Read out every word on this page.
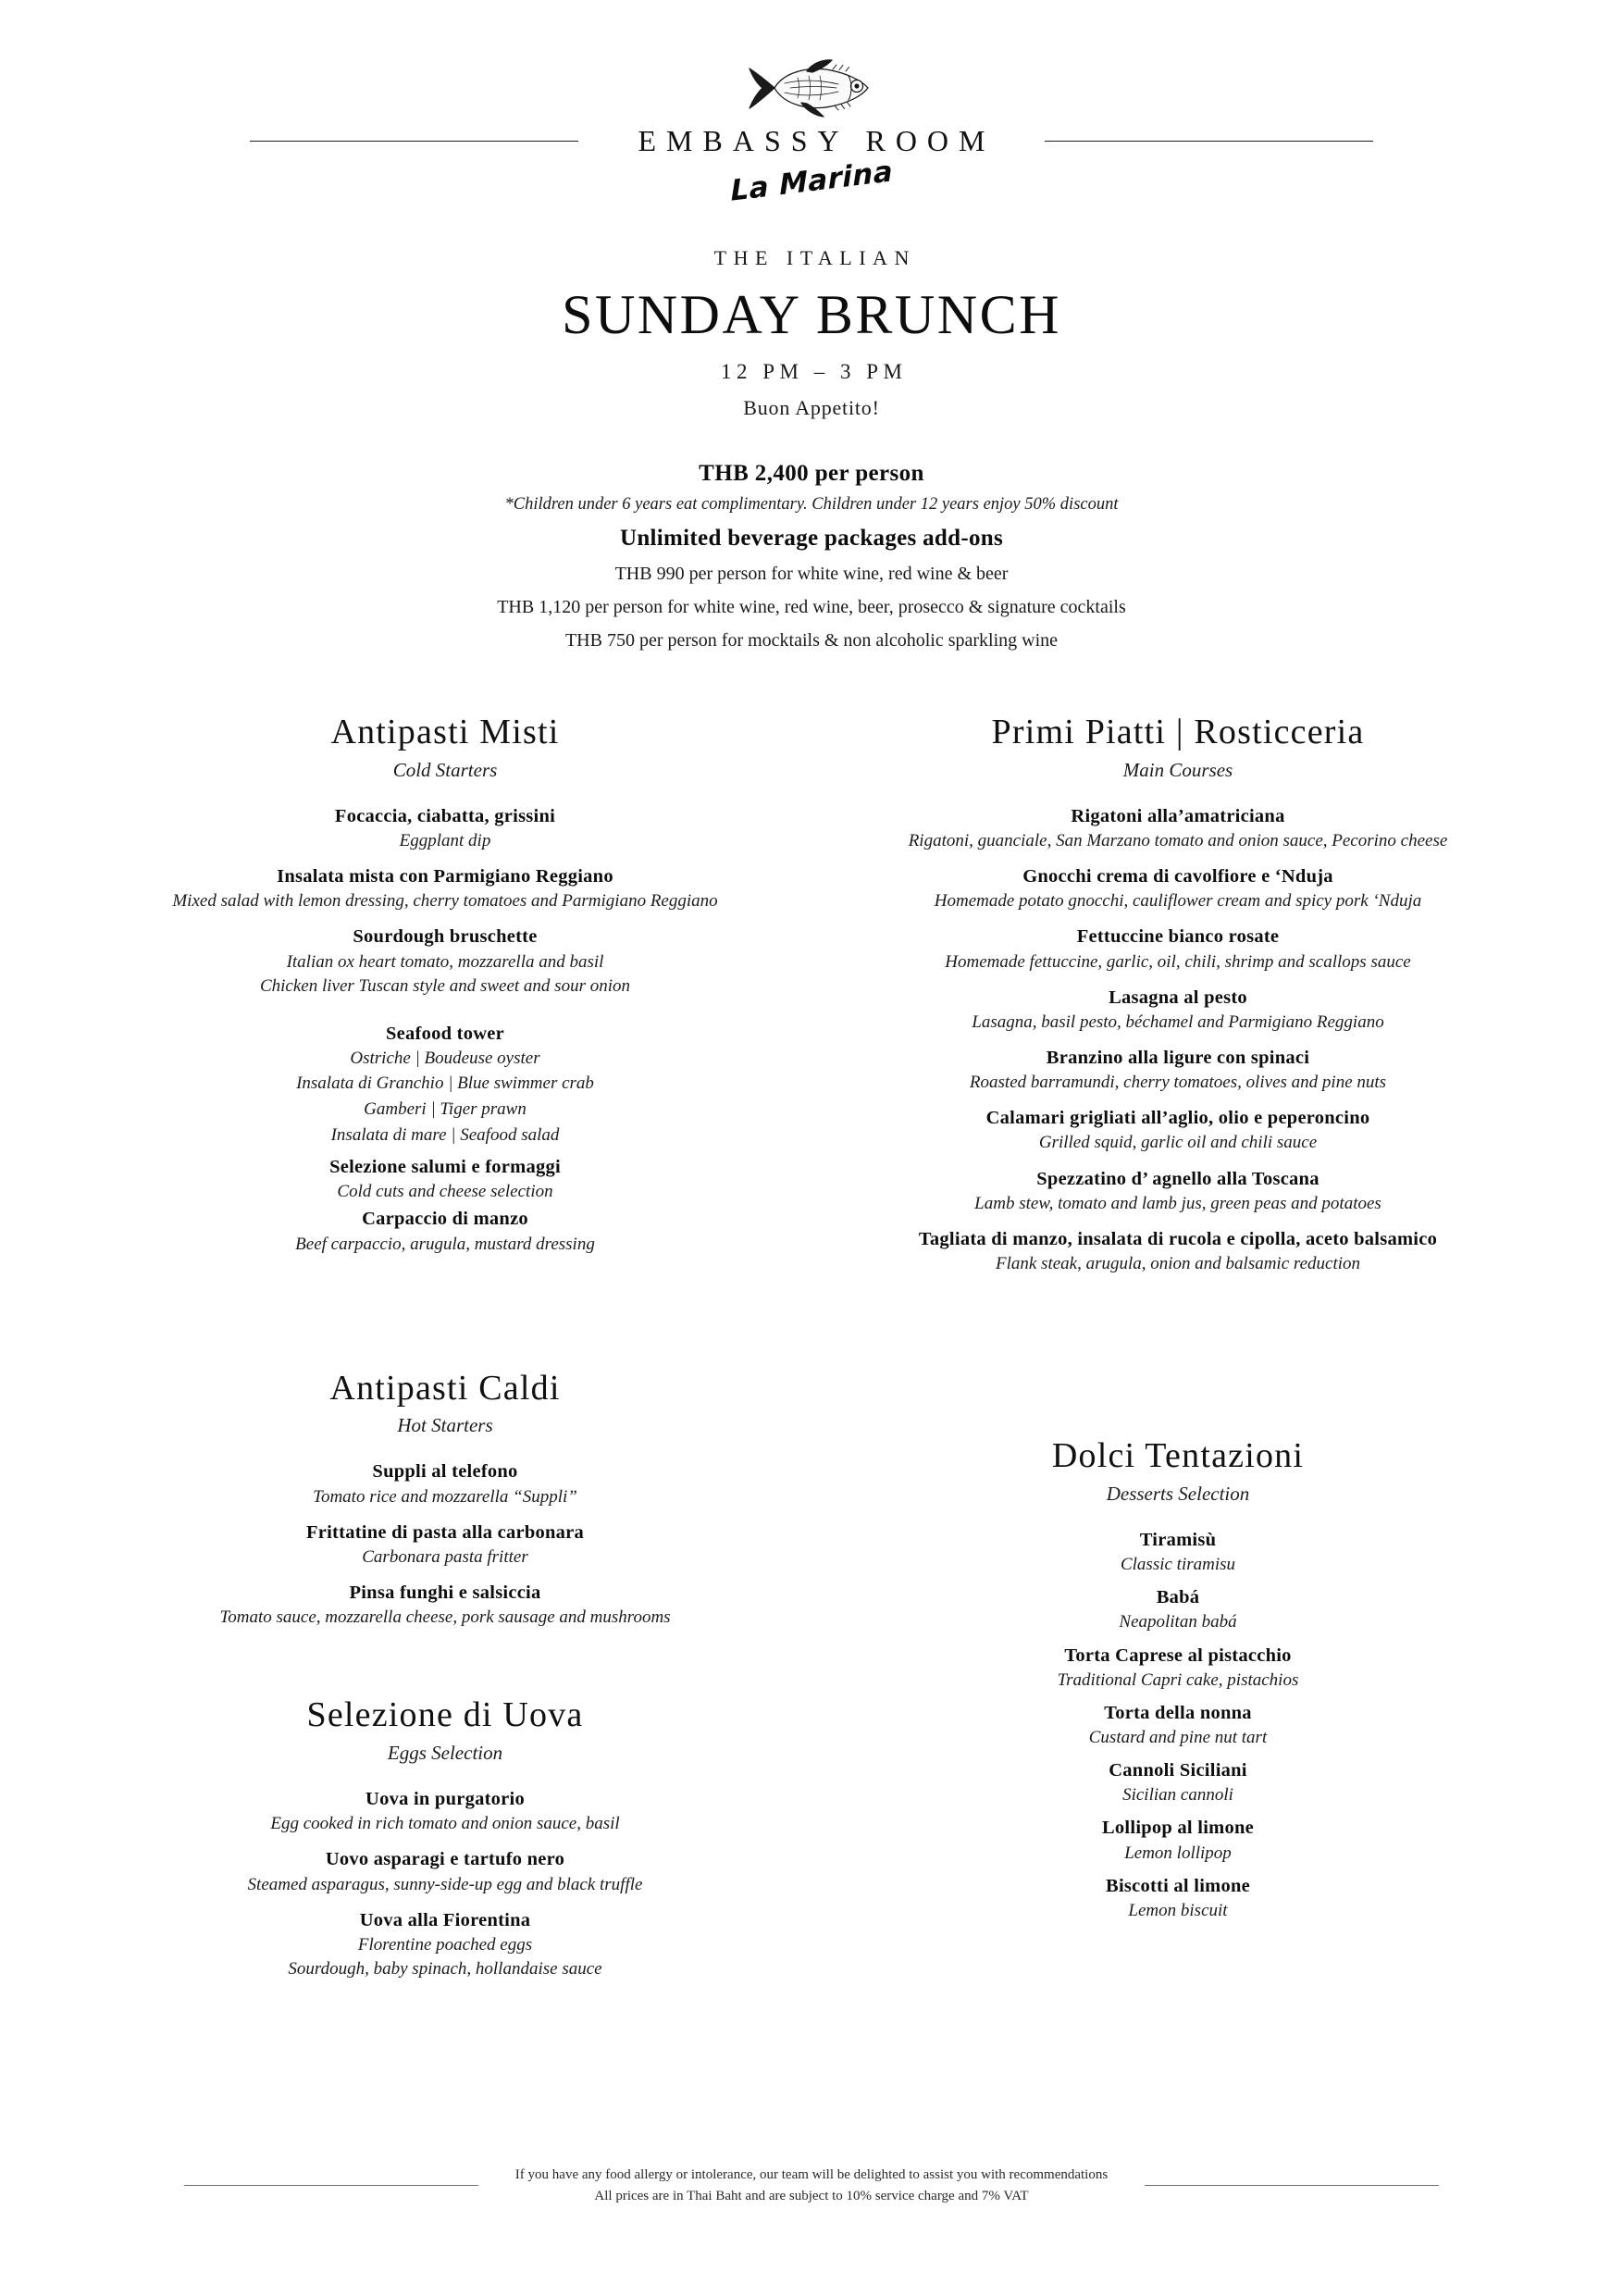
EMBASSY ROOM
La Marina
THE ITALIAN
SUNDAY BRUNCH
12 PM – 3 PM
Buon Appetito!
THB 2,400 per person
*Children under 6 years eat complimentary. Children under 12 years enjoy 50% discount
Unlimited beverage packages add-ons
THB 990 per person for white wine, red wine & beer
THB 1,120 per person for white wine, red wine, beer, prosecco & signature cocktails
THB 750 per person for mocktails & non alcoholic sparkling wine
Antipasti Misti
Cold Starters
Focaccia, ciabatta, grissini
Eggplant dip
Insalata mista con Parmigiano Reggiano
Mixed salad with lemon dressing, cherry tomatoes and Parmigiano Reggiano
Sourdough bruschette
Italian ox heart tomato, mozzarella and basil
Chicken liver Tuscan style and sweet and sour onion
Seafood tower
Ostriche | Boudeuse oyster
Insalata di Granchio | Blue swimmer crab
Gamberi | Tiger prawn
Insalata di mare | Seafood salad
Selezione salumi e formaggi
Cold cuts and cheese selection
Carpaccio di manzo
Beef carpaccio, arugula, mustard dressing
Antipasti Caldi
Hot Starters
Suppli al telefono
Tomato rice and mozzarella “Suppli”
Frittatine di pasta alla carbonara
Carbonara pasta fritter
Pinsa funghi e salsiccia
Tomato sauce, mozzarella cheese, pork sausage and mushrooms
Selezione di Uova
Eggs Selection
Uova in purgatorio
Egg cooked in rich tomato and onion sauce, basil
Uovo asparagi e tartufo nero
Steamed asparagus, sunny-side-up egg and black truffle
Uova alla Fiorentina
Florentine poached eggs
Sourdough, baby spinach, hollandaise sauce
Primi Piatti | Rosticceria
Main Courses
Rigatoni alla’amatriciana
Rigatoni, guanciale, San Marzano tomato and onion sauce, Pecorino cheese
Gnocchi crema di cavolfiore e ‘Nduja
Homemade potato gnocchi, cauliflower cream and spicy pork ‘Nduja
Fettuccine bianco rosate
Homemade fettuccine, garlic, oil, chili, shrimp and scallops sauce
Lasagna al pesto
Lasagna, basil pesto, béchamel and Parmigiano Reggiano
Branzino alla ligure con spinaci
Roasted barramundi, cherry tomatoes, olives and pine nuts
Calamari grigliati all’aglio, olio e peperoncino
Grilled squid, garlic oil and chili sauce
Spezzatino d’ agnello alla Toscana
Lamb stew, tomato and lamb jus, green peas and potatoes
Tagliata di manzo, insalata di rucola e cipolla, aceto balsamico
Flank steak, arugula, onion and balsamic reduction
Dolci Tentazioni
Desserts Selection
Tiramisù
Classic tiramisu
Babá
Neapolitan babá
Torta Caprese al pistacchio
Traditional Capri cake, pistachios
Torta della nonna
Custard and pine nut tart
Cannoli Siciliani
Sicilian cannoli
Lollipop al limone
Lemon lollipop
Biscotti al limone
Lemon biscuit
If you have any food allergy or intolerance, our team will be delighted to assist you with recommendations
All prices are in Thai Baht and are subject to 10% service charge and 7% VAT
